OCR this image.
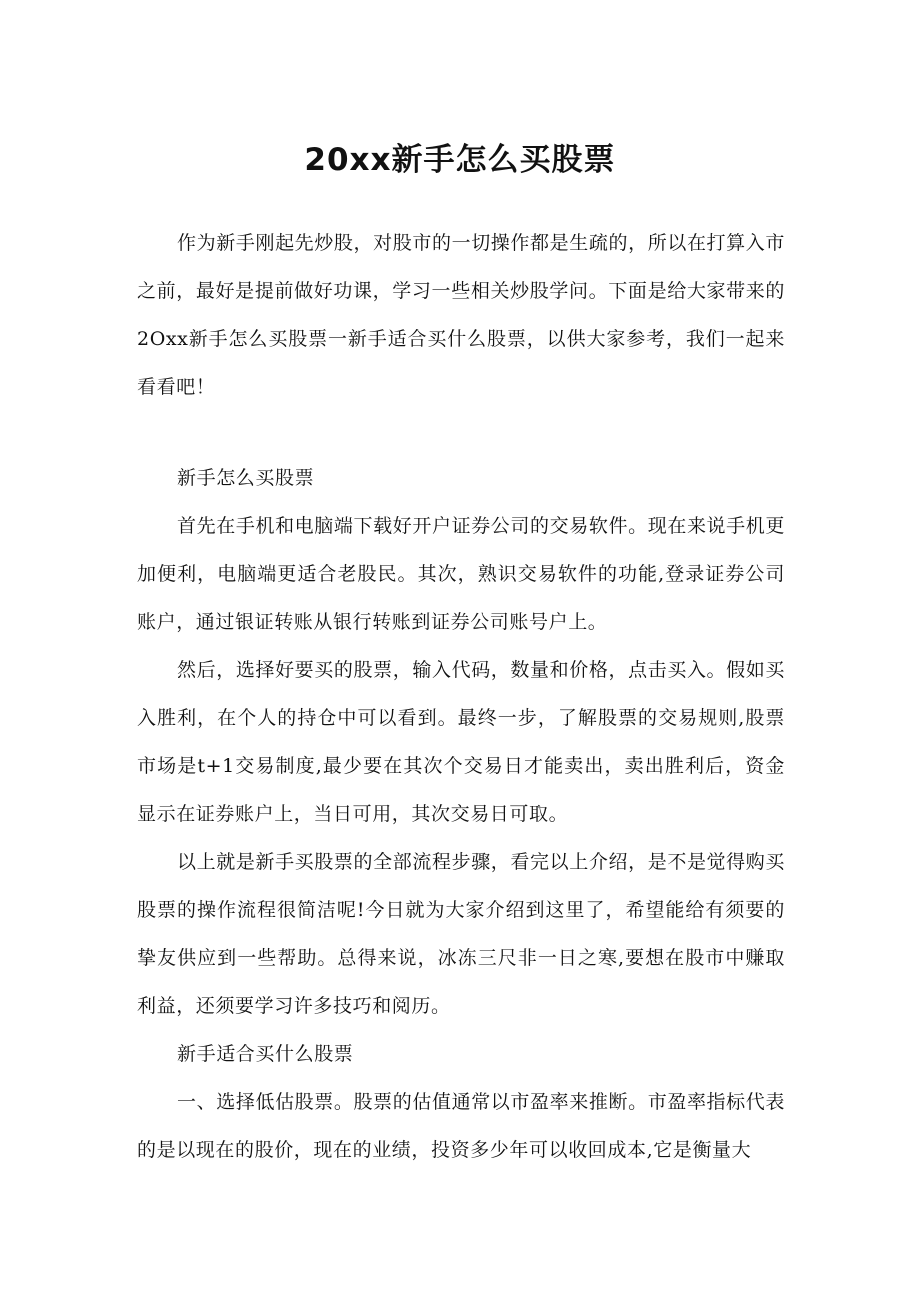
20xx新手怎么买股票

作为新手刚起先炒股，对股市的一切操作都是生疏的，所以在打算入市之前，最好是提前做好功课，学习一些相关炒股学问。下面是给大家带来的2Oxx新手怎么买股票一新手适合买什么股票，以供大家参考，我们一起来看看吧！

新手怎么买股票

首先在手机和电脑端下载好开户证券公司的交易软件。现在来说手机更加便利，电脑端更适合老股民。其次，熟识交易软件的功能,登录证券公司账户，通过银证转账从银行转账到证券公司账号户上。

然后，选择好要买的股票，输入代码，数量和价格，点击买入。假如买入胜利，在个人的持仓中可以看到。最终一步，了解股票的交易规则,股票市场是t+1交易制度,最少要在其次个交易日才能卖出，卖出胜利后，资金显示在证券账户上，当日可用，其次交易日可取。

以上就是新手买股票的全部流程步骤，看完以上介绍，是不是觉得购买股票的操作流程很简洁呢!今日就为大家介绍到这里了，希望能给有须要的挚友供应到一些帮助。总得来说，冰冻三尺非一日之寒,要想在股市中赚取利益，还须要学习许多技巧和阅历。

新手适合买什么股票

一、选择低估股票。股票的估值通常以市盈率来推断。市盈率指标代表的是以现在的股价，现在的业绩，投资多少年可以收回成本,它是衡量大
